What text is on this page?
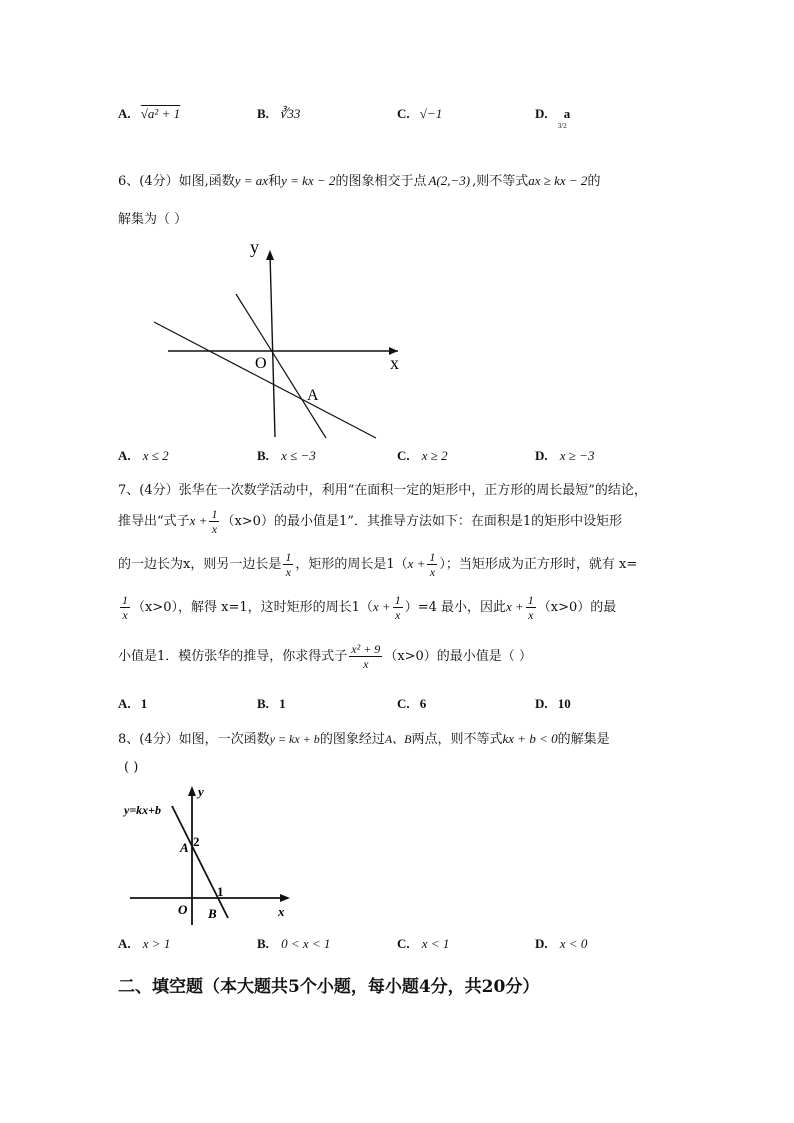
A. √a² + 1	B. ∛33	C. √−1	D. a
3/2
6、(4分）如图,函数y = ax和y = kx − 2的图象相交于点 A(2,−3) ,则不等式ax ≥ kx − 2的
解集为（ ）
y
x
O
A
A. x ≤ 2	B. x ≤ −3	C. x ≥ 2	D. x ≥ −3
7、(4分）张华在一次数学活动中，利用“在面积一定的矩形中，正方形的周长最短”的结论，
推导出“式子$x + \frac{1}{x} (x>0)$的最小值是1”．其推导方法如下：在面积是1的矩形中设矩形
的一边长为x，则另一边长是 $\frac{1}{x}$ ，矩形的周长是$1(x + \frac{1}{x}$ ）；当矩形成为正方形时，就有 x=
$\frac{1}{x} (x>0)$，解得 x=1，这时矩形的周长$1(x + \frac{1}{x} )=4$ 最小，因此$x + \frac{1}{x} (x>0)$的最
小值是1．模仿张华的推导，你求得式子 $\frac{\text{x² + 9}}{x} (x>0)$的最小值是（ ）
A. 1	B. 1	C. 6	D. 10
8、(4分）如图，一次函数y = kx + b的图象经过A、B两点，则不等式kx + b < 0的解集是
( )
y=kx+b
y
x
A 2
O B
1
A. x > 1	B. 0 < x < 1	C. x < 1	D. x < 0
二、填空题（本大题共5个小题，每小题4分，共20分）
